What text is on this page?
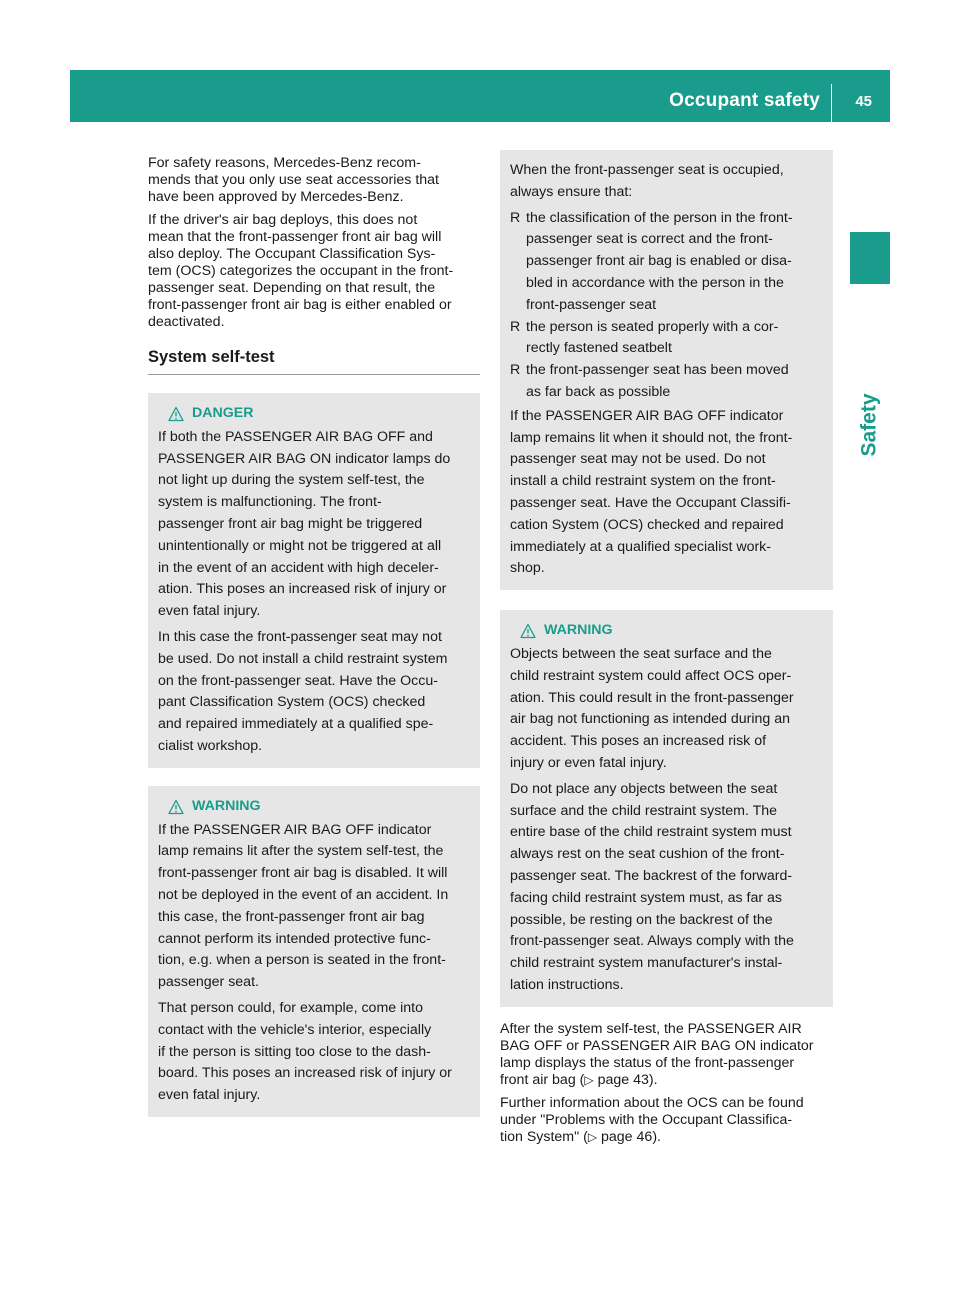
Occupant safety 45
Safety

For safety reasons, Mercedes-Benz recom-
mends that you only use seat accessories that
have been approved by Mercedes-Benz.

If the driver's air bag deploys, this does not
mean that the front-passenger front air bag will
also deploy. The Occupant Classification Sys-
tem (OCS) categorizes the occupant in the front-
passenger seat. Depending on that result, the
front-passenger front air bag is either enabled or
deactivated.

System self-test
DANGER

If both the PASSENGER AIR BAG OFF and
PASSENGER AIR BAG ON indicator lamps do
not light up during the system self-test, the
system is malfunctioning. The front-
passenger front air bag might be triggered
unintentionally or might not be triggered at all
in the event of an accident with high deceler-
ation. This poses an increased risk of injury or
even fatal injury.

In this case the front-passenger seat may not
be used. Do not install a child restraint system
on the front-passenger seat. Have the Occu-
pant Classification System (OCS) checked
and repaired immediately at a qualified spe-
cialist workshop.

WARNING

If the PASSENGER AIR BAG OFF indicator
lamp remains lit after the system self-test, the
front-passenger front air bag is disabled. It will
not be deployed in the event of an accident. In
this case, the front-passenger front air bag
cannot perform its intended protective func-
tion, e.g. when a person is seated in the front-
passenger seat.

That person could, for example, come into
contact with the vehicle's interior, especially
if the person is sitting too close to the dash-
board. This poses an increased risk of injury or
even fatal injury.

When the front-passenger seat is occupied,
always ensure that:

R the classification of the person in the front-
passenger seat is correct and the front-
passenger front air bag is enabled or disa-
bled in accordance with the person in the
front-passenger seat
R the person is seated properly with a cor-
rectly fastened seatbelt
R the front-passenger seat has been moved
as far back as possible

If the PASSENGER AIR BAG OFF indicator
lamp remains lit when it should not, the front-
passenger seat may not be used. Do not
install a child restraint system on the front-
passenger seat. Have the Occupant Classifi-
cation System (OCS) checked and repaired
immediately at a qualified specialist work-
shop.

WARNING

Objects between the seat surface and the
child restraint system could affect OCS oper-
ation. This could result in the front-passenger
air bag not functioning as intended during an
accident. This poses an increased risk of
injury or even fatal injury.

Do not place any objects between the seat
surface and the child restraint system. The
entire base of the child restraint system must
always rest on the seat cushion of the front-
passenger seat. The backrest of the forward-
facing child restraint system must, as far as
possible, be resting on the backrest of the
front-passenger seat. Always comply with the
child restraint system manufacturer's instal-
lation instructions.

After the system self-test, the PASSENGER AIR
BAG OFF or PASSENGER AIR BAG ON indicator
lamp displays the status of the front-passenger
front air bag (▷ page 43).

Further information about the OCS can be found
under "Problems with the Occupant Classifica-
tion System" (▷ page 46).
